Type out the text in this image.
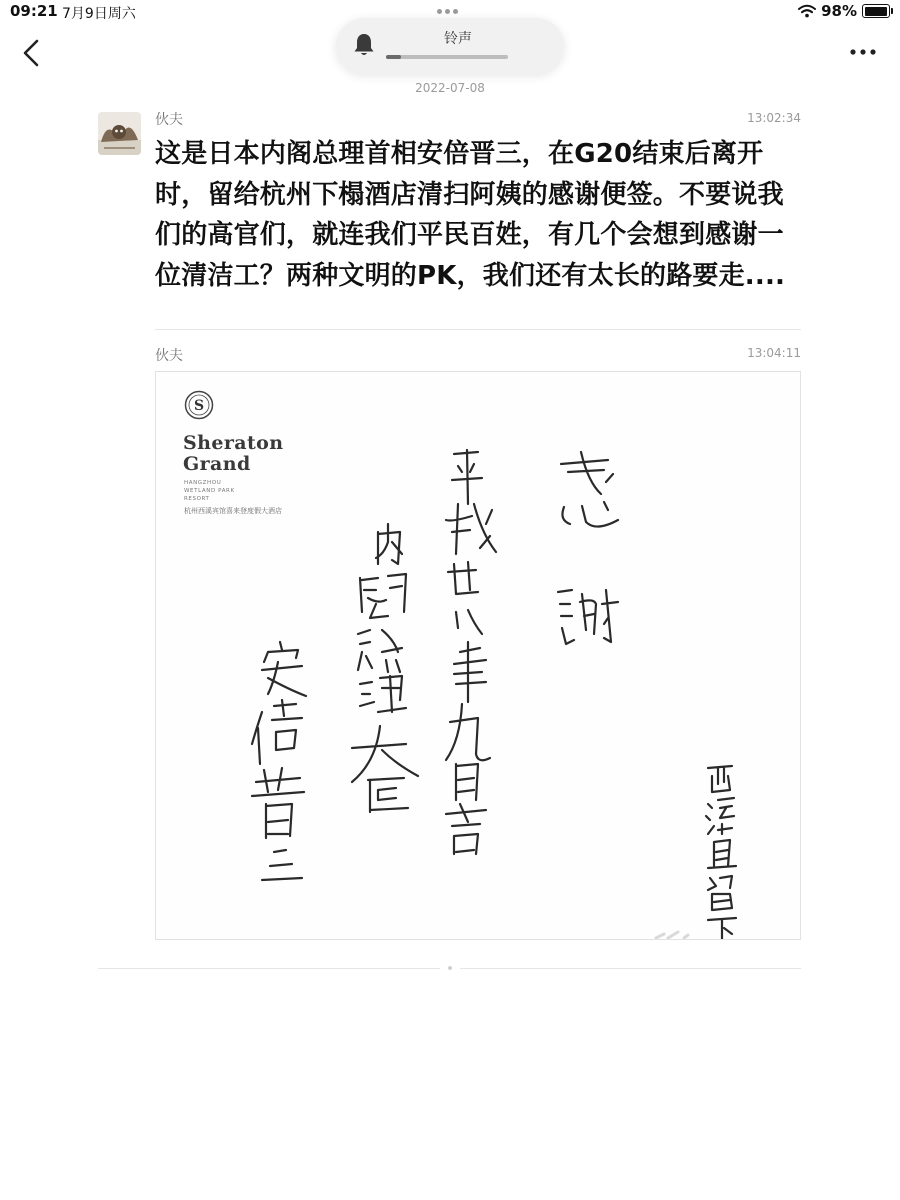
09:21 7月9日周六	98%
铃声
2022-07-08
伙夫	13:02:34
这是日本内阁总理首相安倍晋三，在G20结束后离开时，留给杭州下榻酒店清扫阿姨的感谢便签。不要说我们的高官们，就连我们平民百姓，有几个会想到感谢一位清洁工？两种文明的PK，我们还有太长的路要走....
伙夫	13:04:11
S
Sheraton
Grand
HANGZHOU
WETLAND PARK
RESORT
杭州西溪宾馆喜来登度假大酒店
